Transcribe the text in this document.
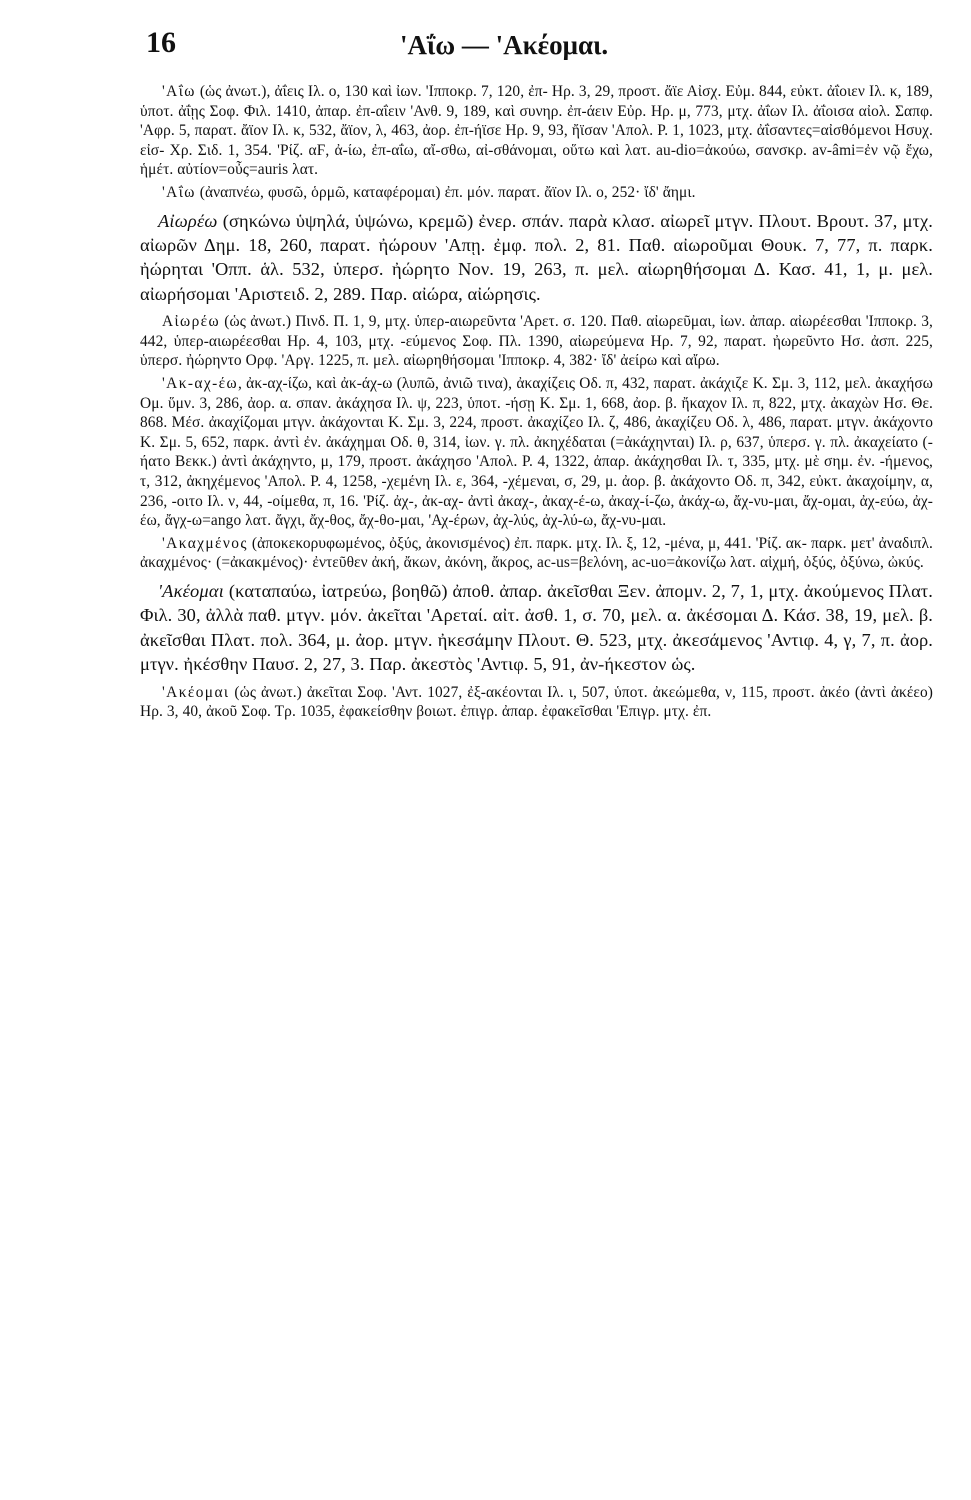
16	'Αΐω — 'Ακέομαι.

'Αΐω (ὡς ἀνωτ.), ἀΐεις Ιλ. ο, 130 καὶ ἰων. 'Ιπποκρ. 7, 120, ἐπ- Ηρ. 3, 29, προστ. ἄϊε Αἰσχ. Εὐμ. 844, εὐκτ. ἀΐοιεν Ιλ. κ, 189, ὑποτ. ἀΐῃς Σοφ. Φιλ. 1410, ἀπαρ. ἐπ-αΐειν 'Ανθ. 9, 189, καὶ συνηρ. ἐπ-άειν Εὐρ. Ηρ. μ, 773, μτχ. ἀΐων Ιλ. ἀΐοισα αἰολ. Σαπφ. 'Αφρ. 5, παρατ. ἄϊον Ιλ. κ, 532, ἄϊον, λ, 463, ἀορ. ἐπ-ήϊσε Ηρ. 9, 93, ἤϊσαν 'Απολ. Ρ. 1, 1023, μτχ. ἀΐσαντες=αἰσθόμενοι Ησυχ. εἰσ- Χρ. Σιδ. 1, 354. 'Ρίζ. αϜ, ἀ-ίω, ἐπ-αΐω, αἴ-σθω, αἰ-σθάνομαι, οὕτω καὶ λατ. au-dio=ἀκούω, σανσκρ. av-âmi=ἐν νῷ ἔχω, ἡμέτ. αὐτίον=οὖς=auris λατ.

'Αΐω (ἀναπνέω, φυσῶ, ὁρμῶ, καταφέρομαι) ἐπ. μόν. παρατ. ἄϊον Ιλ. ο, 252· ἴδ' ἄημι.

Αἰωρέω (σηκώνω ὑψηλά, ὑψώνω, κρεμῶ) ἐνερ. σπάν. παρὰ κλασ. αἰωρεῖ μτγν. Πλουτ. Βρουτ. 37, μτχ. αἰωρῶν Δημ. 18, 260, παρατ. ἠώρουν 'Απῃ. ἐμφ. πολ. 2, 81. Παθ. αἰωροῦμαι Θουκ. 7, 77, π. παρκ. ἠώρηται 'Οππ. ἁλ. 532, ὑπερσ. ἠώρητο Νον. 19, 263, π. μελ. αἰωρηθήσομαι Δ. Κασ. 41, 1, μ. μελ. αἰωρήσομαι 'Αριστειδ. 2, 289. Παρ. αἰώρα, αἰώρησις.

Αἰωρέω (ὡς ἀνωτ.) Πινδ. Π. 1, 9, μτχ. ὑπερ-αιωρεῦντα 'Αρετ. σ. 120. Παθ. αἰωρεῦμαι, ἰων. ἀπαρ. αἰωρέεσθαι 'Ιπποκρ. 3, 442, ὑπερ-αιωρέεσθαι Ηρ. 4, 103, μτχ. -εύμενος Σοφ. Πλ. 1390, αἰωρεύμενα Ηρ. 7, 92, παρατ. ἠωρεῦντο Ησ. ἀσπ. 225, ὑπερσ. ἠώρηντο Ορφ. 'Αργ. 1225, π. μελ. αἰωρηθήσομαι 'Ιπποκρ. 4, 382· ἴδ' ἀείρω καὶ αἴρω.

'Ακ-αχ-έω, ἀκ-αχ-ίζω, καὶ ἀκ-άχ-ω (λυπῶ, ἀνιῶ τινα), ἀκαχίζεις Οδ. π, 432, παρατ. ἀκάχιζε Κ. Σμ. 3, 112, μελ. ἀκαχήσω Ομ. ὕμν. 3, 286, ἀορ. α. σπαν. ἀκάχησα Ιλ. ψ, 223, ὑποτ. -ήσῃ Κ. Σμ. 1, 668, ἀορ. β. ἤκαχον Ιλ. π, 822, μτχ. ἀκαχὼν Ησ. Θε. 868. Μέσ. ἀκαχίζομαι μτγν. ἀκάχονται Κ. Σμ. 3, 224, προστ. ἀκαχίζεο Ιλ. ζ, 486, ἀκαχίζευ Οδ. λ, 486, παρατ. μτγν. ἀκάχοντο Κ. Σμ. 5, 652, παρκ. ἀντὶ ἐν. ἀκάχημαι Οδ. θ, 314, ἰων. γ. πλ. ἀκηχέδαται (=ἀκάχηνται) Ιλ. ρ, 637, ὑπερσ. γ. πλ. ἀκαχείατο (-ήατο Βεκκ.) ἀντὶ ἀκάχηντο, μ, 179, προστ. ἀκάχησο 'Απολ. Ρ. 4, 1322, ἀπαρ. ἀκάχησθαι Ιλ. τ, 335, μτχ. μὲ σημ. ἐν. -ήμενος, τ, 312, ἀκηχέμενος 'Απολ. Ρ. 4, 1258, -χεμένη Ιλ. ε, 364, -χέμεναι, σ, 29, μ. ἀορ. β. ἀκάχοντο Οδ. π, 342, εὐκτ. ἀκαχοίμην, α, 236, -οιτο Ιλ. ν, 44, -οίμεθα, π, 16. 'Ρίζ. ἀχ-, ἀκ-αχ- ἀντὶ ἀκαχ-, ἀκαχ-έ-ω, ἀκαχ-ί-ζω, ἀκάχ-ω, ἄχ-νυ-μαι, ἄχ-ομαι, ἀχ-εύω, ἀχ-έω, ἄγχ-ω=ango λατ. ἄγχι, ἄχ-θος, ἄχ-θο-μαι, 'Αχ-έρων, ἀχ-λύς, ἀχ-λύ-ω, ἄχ-νυ-μαι.

'Ακαχμένος (ἀποκεκορυφωμένος, ὀξύς, ἀκονισμένος) ἐπ. παρκ. μτχ. Ιλ. ξ, 12, -μένα, μ, 441. 'Ρίζ. ακ- παρκ. μετ' ἀναδιπλ. ἀκαχμένος· (=ἀκακμένος)· ἐντεῦθεν ἀκή, ἄκων, ἀκόνη, ἄκρος, ac-us=βελόνη, ac-uo=ἀκονίζω λατ. αἰχμή, ὀξύς, ὀξύνω, ὠκύς.

'Ακέομαι (καταπαύω, ἰατρεύω, βοηθῶ) ἀποθ. ἀπαρ. ἀκεῖσθαι Ξεν. ἀπομν. 2, 7, 1, μτχ. ἀκούμενος Πλατ. Φιλ. 30, ἀλλὰ παθ. μτγν. μόν. ἀκεῖται 'Αρεταί. αἰτ. ἀσθ. 1, σ. 70, μελ. α. ἀκέσομαι Δ. Κάσ. 38, 19, μελ. β. ἀκεῖσθαι Πλατ. πολ. 364, μ. ἀορ. μτγν. ἠκεσάμην Πλουτ. Θ. 523, μτχ. ἀκεσάμενος 'Αντιφ. 4, γ, 7, π. ἀορ. μτγν. ἠκέσθην Παυσ. 2, 27, 3. Παρ. ἀκεστὸς 'Αντιφ. 5, 91, ἀν-ήκεστον ὡς.

'Ακέομαι (ὡς ἀνωτ.) ἀκεῖται Σοφ. 'Αντ. 1027, ἐξ-ακέονται Ιλ. ι, 507, ὑποτ. ἀκεώμεθα, ν, 115, προστ. ἀκέο (ἀντὶ ἀκέεο) Ηρ. 3, 40, ἀκοῦ Σοφ. Τρ. 1035, ἐφακείσθην βοιωτ. ἐπιγρ. ἀπαρ. ἐφακεῖσθαι 'Επιγρ. μτχ. ἐπ.
